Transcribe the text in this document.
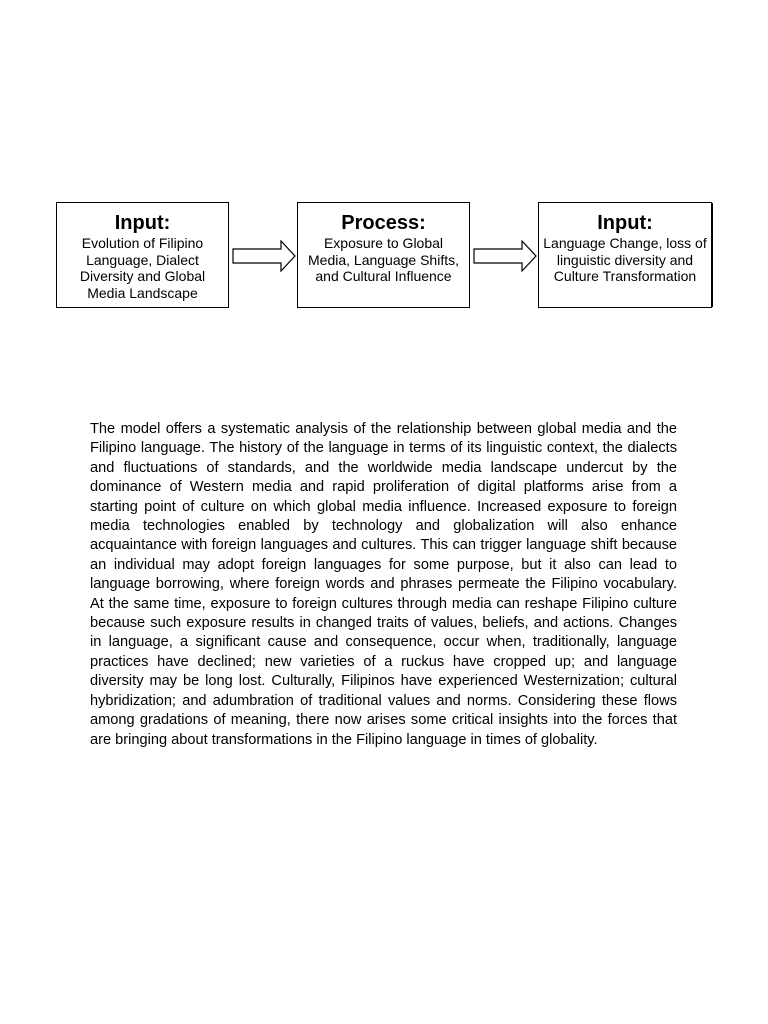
Input:

Evolution of Filipino Language, Dialect Diversity and Global Media Landscape

Process:

Exposure to Global Media, Language Shifts, and Cultural Influence

Input:

Language Change, loss of linguistic diversity and Culture Transformation

The model offers a systematic analysis of the relationship between global media and the Filipino language. The history of the language in terms of its linguistic context, the dialects and fluctuations of standards, and the worldwide media landscape undercut by the dominance of Western media and rapid proliferation of digital platforms arise from a starting point of culture on which global media influence. Increased exposure to foreign media technologies enabled by technology and globalization will also enhance acquaintance with foreign languages and cultures. This can trigger language shift because an individual may adopt foreign languages for some purpose, but it also can lead to language borrowing, where foreign words and phrases permeate the Filipino vocabulary. At the same time, exposure to foreign cultures through media can reshape Filipino culture because such exposure results in changed traits of values, beliefs, and actions. Changes in language, a significant cause and consequence, occur when, traditionally, language practices have declined; new varieties of a ruckus have cropped up; and language diversity may be long lost. Culturally, Filipinos have experienced Westernization; cultural hybridization; and adumbration of traditional values and norms. Considering these flows among gradations of meaning, there now arises some critical insights into the forces that are bringing about transformations in the Filipino language in times of globality.
